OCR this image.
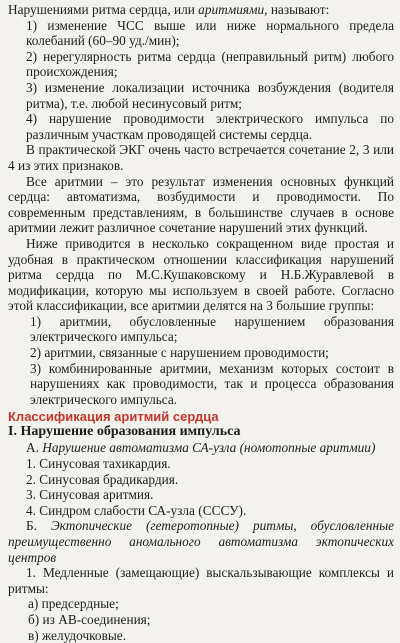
Нарушениями ритма сердца, или аритмиями, называют:

1) изменение ЧСС выше или ниже нормального предела колебаний (60–90 уд./мин);

2) нерегулярность ритма сердца (неправильный ритм) любого происхождения;

3) изменение локализации источника возбуждения (водителя ритма), т.е. любой несинусовый ритм;

4) нарушение проводимости электрического импульса по различным участкам проводящей системы сердца.

В практической ЭКГ очень часто встречается сочетание 2, 3 или 4 из этих признаков.

Все аритмии – это результат изменения основных функций сердца: автоматизма, возбудимости и проводимости. По современным представлениям, в большинстве случаев в основе аритмии лежит различное сочетание нарушений этих функций.

Ниже приводится в несколько сокращенном виде простая и удобная в практическом отношении классификация нарушений ритма сердца по М.С.Кушаковскому и Н.Б.Журавлевой в модификации, которую мы используем в своей работе. Согласно этой классификации, все аритмии делятся на 3 большие группы:

1) аритмии, обусловленные нарушением образования электрического импульса;

2) аритмии, связанные с нарушением проводимости;

3) комбинированные аритмии, механизм которых состоит в нарушениях как проводимости, так и процесса образования электрического импульса.

Классификация аритмий сердца

I. Нарушение образования импульса

А. Нарушение автоматизма СА-узла (номотопные аритмии)

1. Синусовая тахикардия.

2. Синусовая брадикардия.

3. Синусовая аритмия.

4. Синдром слабости СА-узла (СССУ).

Б. Эктопические (гетеротопные) ритмы, обусловленные преимущественно аномального автоматизма эктопических центров

1. Медленные (замещающие) выскальзывающие комплексы и ритмы:

а) предсердные;

б) из АВ-соединения;

в) желудочковые.
